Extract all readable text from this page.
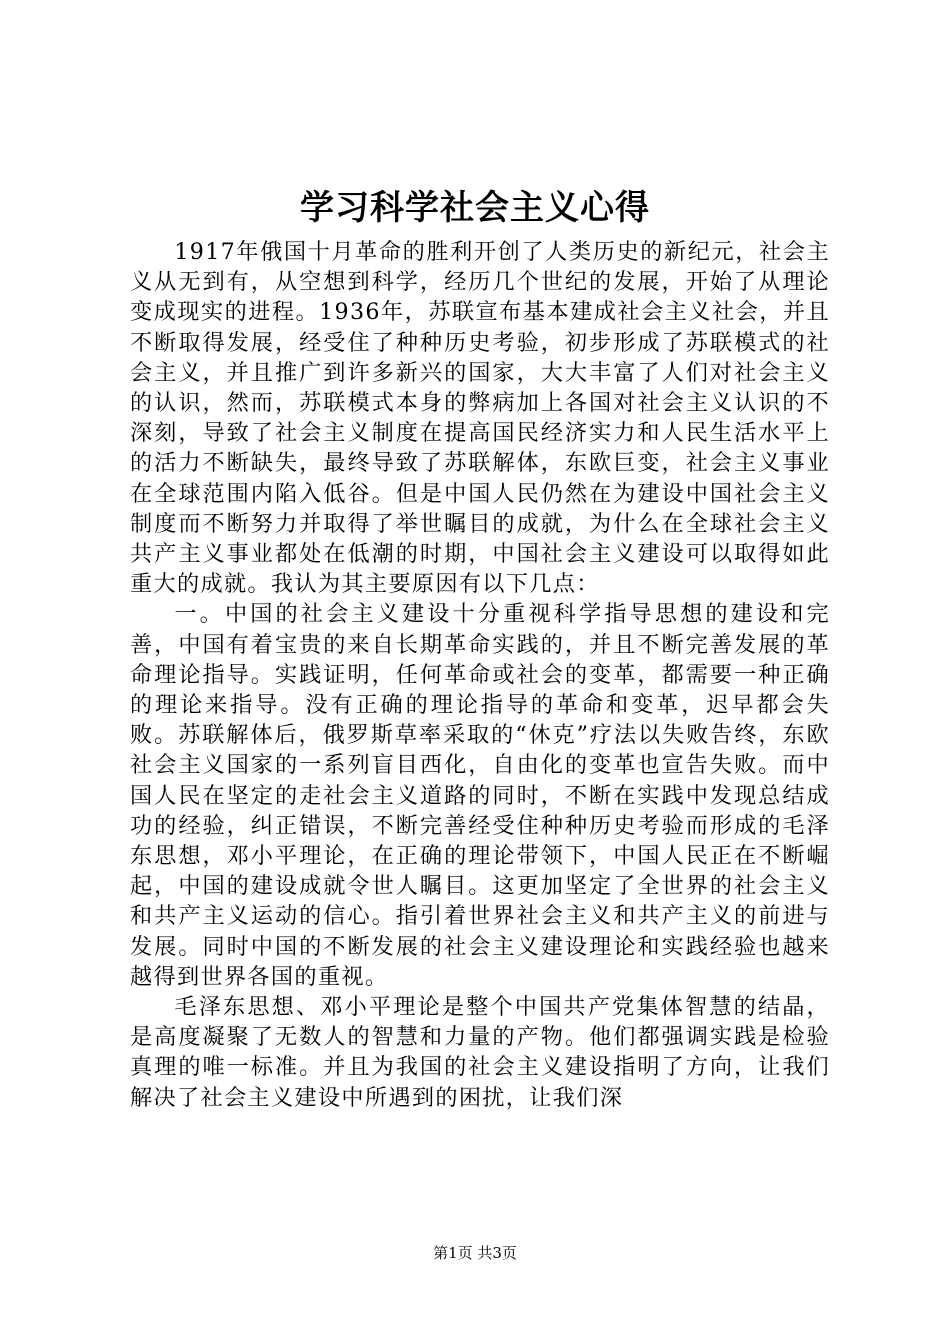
学习科学社会主义心得

1917年俄国十月革命的胜利开创了人类历史的新纪元，社会主义从无到有，从空想到科学，经历几个世纪的发展，开始了从理论变成现实的进程。1936年，苏联宣布基本建成社会主义社会，并且不断取得发展，经受住了种种历史考验，初步形成了苏联模式的社会主义，并且推广到许多新兴的国家，大大丰富了人们对社会主义的认识，然而，苏联模式本身的弊病加上各国对社会主义认识的不深刻，导致了社会主义制度在提高国民经济实力和人民生活水平上的活力不断缺失，最终导致了苏联解体，东欧巨变，社会主义事业在全球范围内陷入低谷。但是中国人民仍然在为建设中国社会主义制度而不断努力并取得了举世瞩目的成就，为什么在全球社会主义共产主义事业都处在低潮的时期，中国社会主义建设可以取得如此重大的成就。我认为其主要原因有以下几点：

一。中国的社会主义建设十分重视科学指导思想的建设和完善，中国有着宝贵的来自长期革命实践的，并且不断完善发展的革命理论指导。实践证明，任何革命或社会的变革，都需要一种正确的理论来指导。没有正确的理论指导的革命和变革，迟早都会失败。苏联解体后，俄罗斯草率采取的“休克”疗法以失败告终，东欧社会主义国家的一系列盲目西化，自由化的变革也宣告失败。而中国人民在坚定的走社会主义道路的同时，不断在实践中发现总结成功的经验，纠正错误，不断完善经受住种种历史考验而形成的毛泽东思想，邓小平理论，在正确的理论带领下，中国人民正在不断崛起，中国的建设成就令世人瞩目。这更加坚定了全世界的社会主义和共产主义运动的信心。指引着世界社会主义和共产主义的前进与发展。同时中国的不断发展的社会主义建设理论和实践经验也越来越得到世界各国的重视。

毛泽东思想、邓小平理论是整个中国共产党集体智慧的结晶，是高度凝聚了无数人的智慧和力量的产物。他们都强调实践是检验真理的唯一标准。并且为我国的社会主义建设指明了方向，让我们解决了社会主义建设中所遇到的困扰，让我们深

第1页 共3页
